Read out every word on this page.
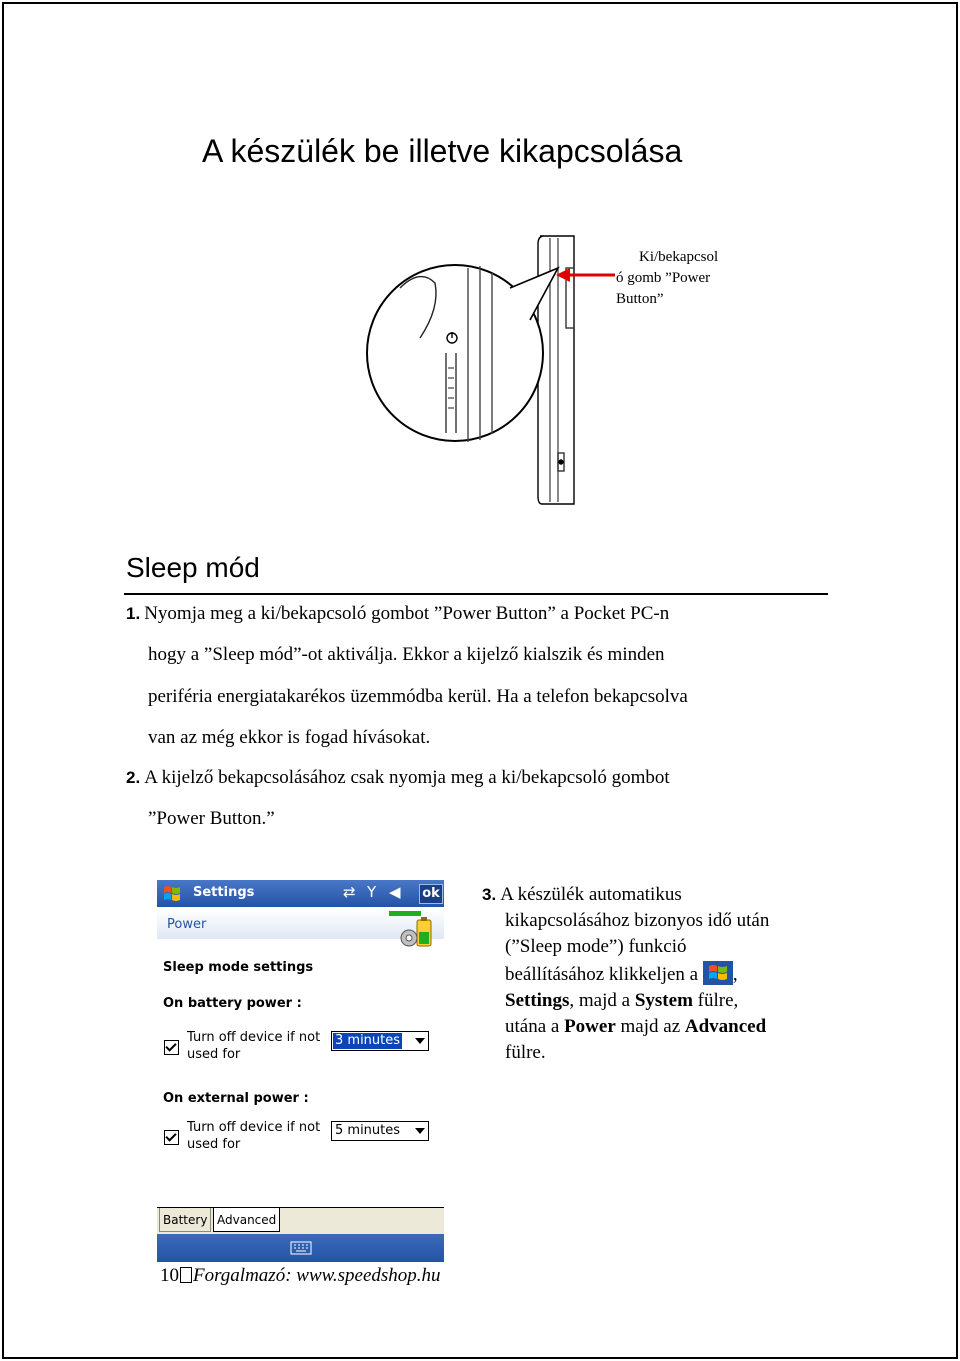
A készülék be illetve kikapcsolása
Ki/bekapcsol
ó gomb ”Power
Button”
Sleep mód
1. Nyomja meg a ki/bekapcsoló gombot ”Power Button” a Pocket PC-n
hogy a ”Sleep mód”-ot aktiválja. Ekkor a kijelző kialszik és minden
periféria energiatakarékos üzemmódba kerül. Ha a telefon bekapcsolva
van az még ekkor is fogad hívásokat.
2. A kijelző bekapcsolásához csak nyomja meg a ki/bekapcsoló gombot
”Power Button.”
Settings	⇄ Y ◀ ok
Power
Sleep mode settings
On battery power :
Turn off device if not
used for
3 minutes
On external power :
Turn off device if not
used for
5 minutes
Battery Advanced
3. A készülék automatikus
kikapcsolásához bizonyos idő után
(”Sleep mode”) funkció
beállításához klikkeljen a ,
Settings, majd a System fülre,
utána a Power majd az Advanced
fülre.
10 Forgalmazó: www.speedshop.hu
